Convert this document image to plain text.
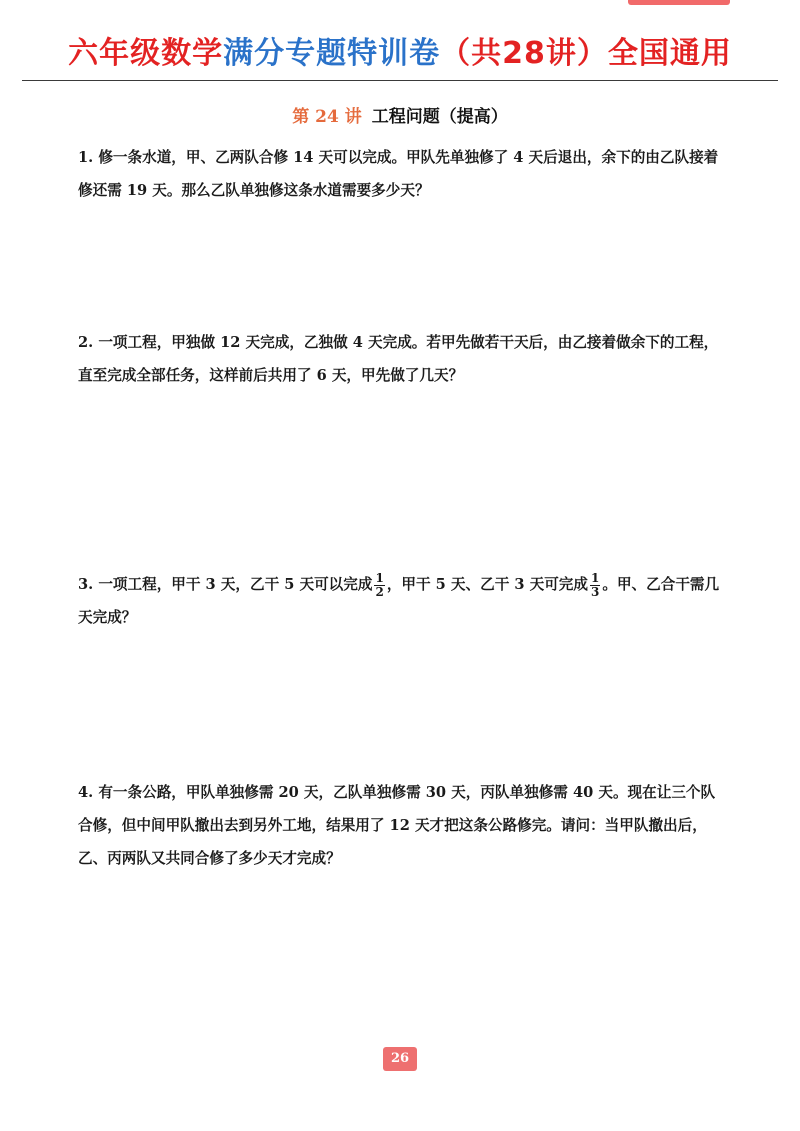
六年级数学满分专题特训卷（共28讲）全国通用
第 24 讲 工程问题（提高）
1. 修一条水道，甲、乙两队合修 14 天可以完成。甲队先单独修了 4 天后退出，余下的由乙队接着修还需 19 天。那么乙队单独修这条水道需要多少天？
2. 一项工程，甲独做 12 天完成，乙独做 4 天完成。若甲先做若干天后，由乙接着做余下的工程，直至完成全部任务，这样前后共用了 6 天，甲先做了几天？
3. 一项工程，甲干 3 天，乙干 5 天可以完成 $\frac{1}{2}$ ，甲干 5 天、乙干 3 天可完成 $\frac{1}{3}$ 。甲、乙合干需几天完成？
4. 有一条公路，甲队单独修需 20 天，乙队单独修需 30 天，丙队单独修需 40 天。现在让三个队合修，但中间甲队撤出去到另外工地，结果用了 12 天才把这条公路修完。请问：当甲队撤出后，乙、丙两队又共同合修了多少天才完成？
26
